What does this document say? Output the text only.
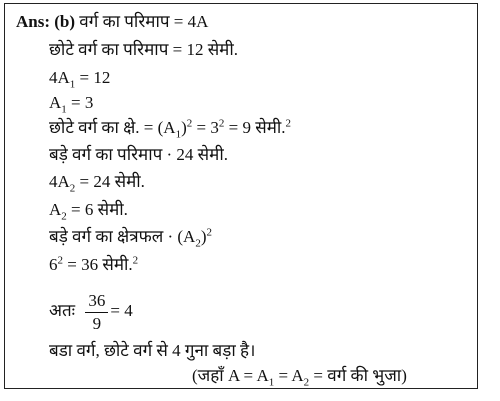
Ans: (b) वर्ग का परिमाप = 4A
छोटे वर्ग का परिमाप = 12 सेमी.
$4A_1 = 12$
$A_1 = 3$
छोटे वर्ग का क्षे. = $(A_1)^2 = 3^2 = 9$ सेमी.$^2$
बड़े वर्ग का परिमाप · 24 सेमी.
$4A_2 = 24$ सेमी.
$A_2 = 6$ सेमी.
बड़े वर्ग का क्षेत्रफल · $(A_2)^2$
$6^2 = 36$ सेमी.$^2$
अतः $\frac{36}{9} = 4$
बडा वर्ग, छोटे वर्ग से 4 गुना बड़ा है।
(जहाँ $A = A_1 = A_2$ = वर्ग की भुजा)
